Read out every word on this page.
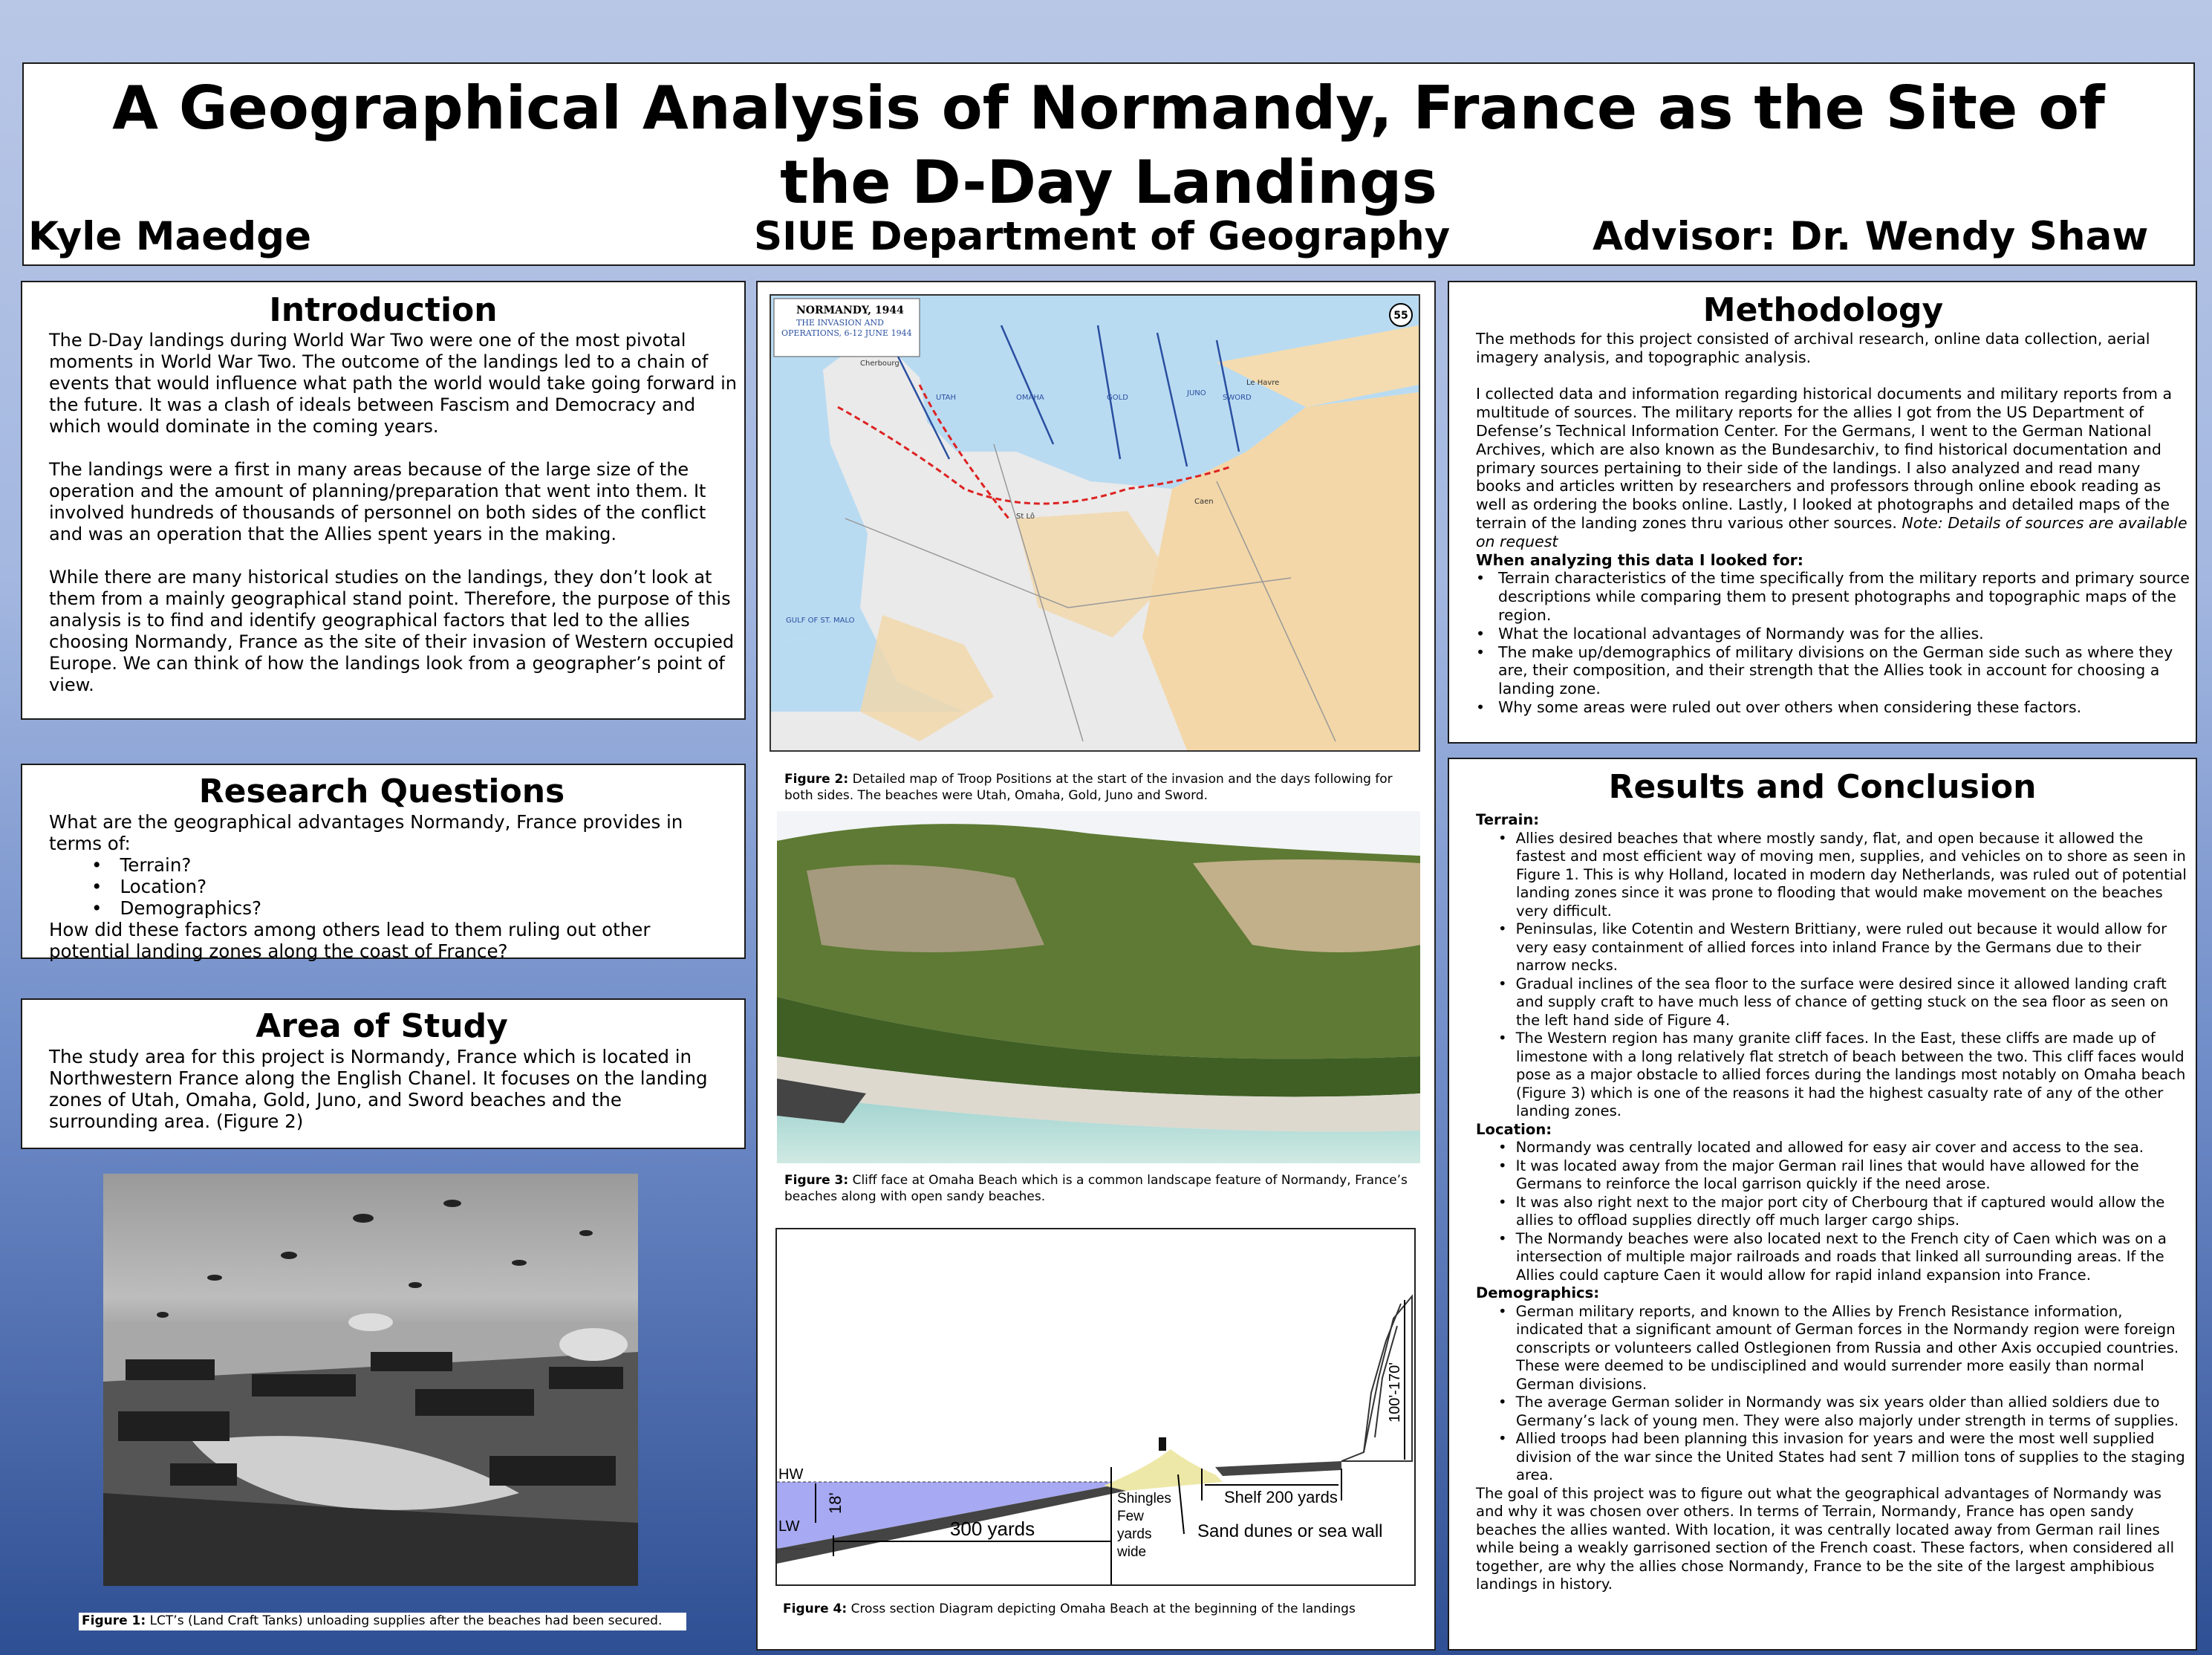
A Geographical Analysis of Normandy, France as the Site of the D-Day Landings
Kyle Maedge	SIUE Department of Geography	Advisor: Dr. Wendy Shaw
Introduction

The D-Day landings during World War Two were one of the most pivotal moments in World War Two. The outcome of the landings led to a chain of events that would influence what path the world would take going forward in the future. It was a clash of ideals between Fascism and Democracy and which would dominate in the coming years.

The landings were a first in many areas because of the large size of the operation and the amount of planning/preparation that went into them. It involved hundreds of thousands of personnel on both sides of the conflict and was an operation that the Allies spent years in the making.

While there are many historical studies on the landings, they don’t look at them from a mainly geographical stand point. Therefore, the purpose of this analysis is to find and identify geographical factors that led to the allies choosing Normandy, France as the site of their invasion of Western occupied Europe. We can think of how the landings look from a geographer’s point of view.

Research Questions

What are the geographical advantages Normandy, France provides in terms of:

• Terrain?
• Location?
• Demographics?

How did these factors among others lead to them ruling out other potential landing zones along the coast of France?

Area of Study

The study area for this project is Normandy, France which is located in Northwestern France along the English Chanel. It focuses on the landing zones of Utah, Omaha, Gold, Juno, and Sword beaches and the surrounding area. (Figure 2)

Figure 1: LCT’s (Land Craft Tanks) unloading supplies after the beaches had been secured.
NORMANDY, 1944
THE INVASION AND
OPERATIONS, 6-12 JUNE 1944
55
Cherbourg
UTAH	OMAHA	GOLD
JUNO
SWORD
Le Havre
GULF OF ST. MALO
Caen
St Lô
Figure 2: Detailed map of Troop Positions at the start of the invasion and the days following for both sides. The beaches were Utah, Omaha, Gold, Juno and Sword.
Figure 3: Cliff face at Omaha Beach which is a common landscape feature of Normandy, France’s beaches along with open sandy beaches.
HW
LW
18'
300 yards
Shingles
Few
yards
wide
Shelf 200 yards
Sand dunes or sea wall
100'-170'
Figure 4: Cross section Diagram depicting Omaha Beach at the beginning of the landings
Methodology

The methods for this project consisted of archival research, online data collection, aerial imagery analysis, and topographic analysis.

I collected data and information regarding historical documents and military reports from a multitude of sources. The military reports for the allies I got from the US Department of Defense’s Technical Information Center. For the Germans, I went to the German National Archives, which are also known as the Bundesarchiv, to find historical documentation and primary sources pertaining to their side of the landings. I also analyzed and read many books and articles written by researchers and professors through online ebook reading as well as ordering the books online. Lastly, I looked at photographs and detailed maps of the terrain of the landing zones thru various other sources. Note: Details of sources are available on request

When analyzing this data I looked for:

• Terrain characteristics of the time specifically from the military reports and primary source descriptions while comparing them to present photographs and topographic maps of the region.
• What the locational advantages of Normandy was for the allies.
• The make up/demographics of military divisions on the German side such as where they are, their composition, and their strength that the Allies took in account for choosing a landing zone.
• Why some areas were ruled out over others when considering these factors.
Results and Conclusion

Terrain:

• Allies desired beaches that where mostly sandy, flat, and open because it allowed the fastest and most efficient way of moving men, supplies, and vehicles on to shore as seen in Figure 1. This is why Holland, located in modern day Netherlands, was ruled out of potential landing zones since it was prone to flooding that would make movement on the beaches very difficult.
• Peninsulas, like Cotentin and Western Brittiany, were ruled out because it would allow for very easy containment of allied forces into inland France by the Germans due to their narrow necks.
• Gradual inclines of the sea floor to the surface were desired since it allowed landing craft and supply craft to have much less of chance of getting stuck on the sea floor as seen on the left hand side of Figure 4.
• The Western region has many granite cliff faces. In the East, these cliffs are made up of limestone with a long relatively flat stretch of beach between the two. This cliff faces would pose as a major obstacle to allied forces during the landings most notably on Omaha beach (Figure 3) which is one of the reasons it had the highest casualty rate of any of the other landing zones.

Location:

• Normandy was centrally located and allowed for easy air cover and access to the sea.
• It was located away from the major German rail lines that would have allowed for the Germans to reinforce the local garrison quickly if the need arose.
• It was also right next to the major port city of Cherbourg that if captured would allow the allies to offload supplies directly off much larger cargo ships.
• The Normandy beaches were also located next to the French city of Caen which was on a intersection of multiple major railroads and roads that linked all surrounding areas. If the Allies could capture Caen it would allow for rapid inland expansion into France.

Demographics:

• German military reports, and known to the Allies by French Resistance information, indicated that a significant amount of German forces in the Normandy region were foreign conscripts or volunteers called Ostlegionen from Russia and other Axis occupied countries. These were deemed to be undisciplined and would surrender more easily than normal German divisions.
• The average German solider in Normandy was six years older than allied soldiers due to Germany’s lack of young men. They were also majorly under strength in terms of supplies.
• Allied troops had been planning this invasion for years and were the most well supplied division of the war since the United States had sent 7 million tons of supplies to the staging area.

The goal of this project was to figure out what the geographical advantages of Normandy was and why it was chosen over others. In terms of Terrain, Normandy, France has open sandy beaches the allies wanted. With location, it was centrally located away from German rail lines while being a weakly garrisoned section of the French coast. These factors, when considered all together, are why the allies chose Normandy, France to be the site of the largest amphibious landings in history.
